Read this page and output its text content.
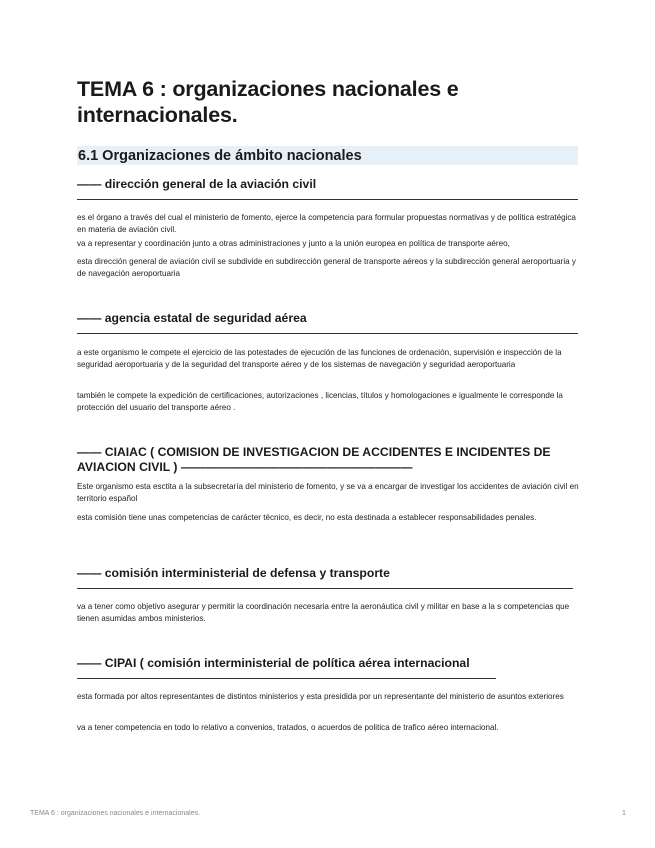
TEMA 6 : organizaciones nacionales e internacionales.
6.1 Organizaciones de ámbito nacionales
—— dirección general de la aviación civil
es el órgano a través del cual el ministerio de fomento, ejerce la competencia para formular propuestas normativas y de política estratégica en materia de aviación civil.
va a representar y coordinación junto a otras administraciones y junto a la unión europea en política de transporte aéreo,
esta dirección general de aviación civil se subdivide en subdirección general de transporte aéreos y la subdirección general aeroportuaria y de navegación aeroportuaria
—— agencia estatal de seguridad aérea
a este organismo le compete el ejercicio de las potestades de ejecución de las funciones de ordenación, supervisión e inspección de la seguridad aeroportuaria y de la seguridad del transporte aéreo y de los sistemas de navegación y seguridad aeroportuaria
también le compete la expedición de certificaciones, autorizaciones , licencias, títulos y homologaciones e igualmente le corresponde la protección del usuario del transporte aéreo .
—— CIAIAC ( COMISION DE INVESTIGACION DE ACCIDENTES E INCIDENTES DE AVIACION CIVIL ) ———————————————————
Este organismo esta esctita a la subsecretaría del ministerio de fomento, y se va a encargar de investigar los accidentes de aviación civil en territorio español
esta comisión tiene unas competencias de carácter técnico, es decir, no esta destinada a establecer responsabilidades penales.
—— comisión interministerial de defensa y transporte
va a tener como objetivo asegurar y permitir la coordinación necesaria entre la aeronáutica civil y militar en base a la s competencias que tienen asumidas ambos ministerios.
—— CIPAI ( comisión interministerial de política aérea internacional
esta formada por altos representantes de distintos ministerios y esta presidida por un representante del ministerio de asuntos exteriores
va a tener competencia en todo lo relativo a convenios, tratados, o acuerdos de politica de trafico aéreo internacional.
TEMA 6 : organizaciones nacionales e internacionales.	1
